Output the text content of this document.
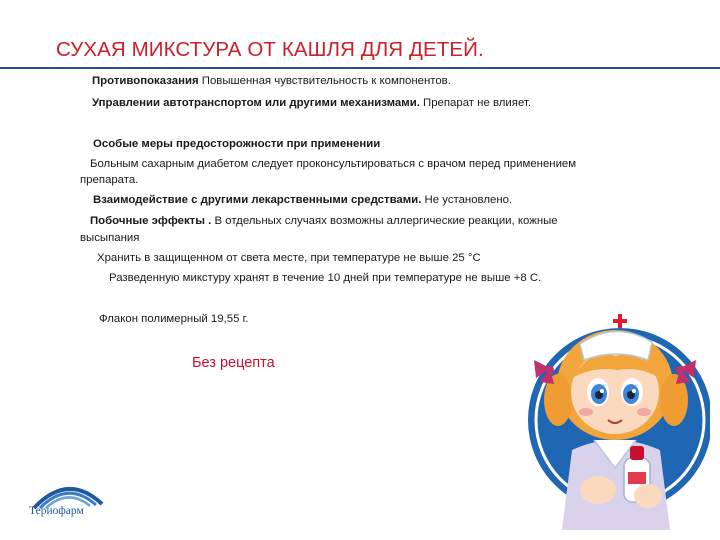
СУХАЯ МИКСТУРА ОТ КАШЛЯ ДЛЯ ДЕТЕЙ.
Противопоказания Повышенная чувствительность к компонентов.
Управлении автотранспортом или другими механизмами. Препарат не влияет.
Особые меры предосторожности при применении
Больным сахарным диабетом следует проконсультироваться с врачом перед применением
препарата.
Взаимодействие с другими лекарственными средствами. Не установлено.
Побочные эффекты . В отдельных случаях возможны аллергические реакции, кожные
высыпания
Хранить в защищенном от света месте, при температуре не выше 25 °С
Разведенную микстуру хранят в течение 10 дней при температуре не выше +8 С.
Флакон полимерный 19,55 г.
Без рецепта
Териофарм
